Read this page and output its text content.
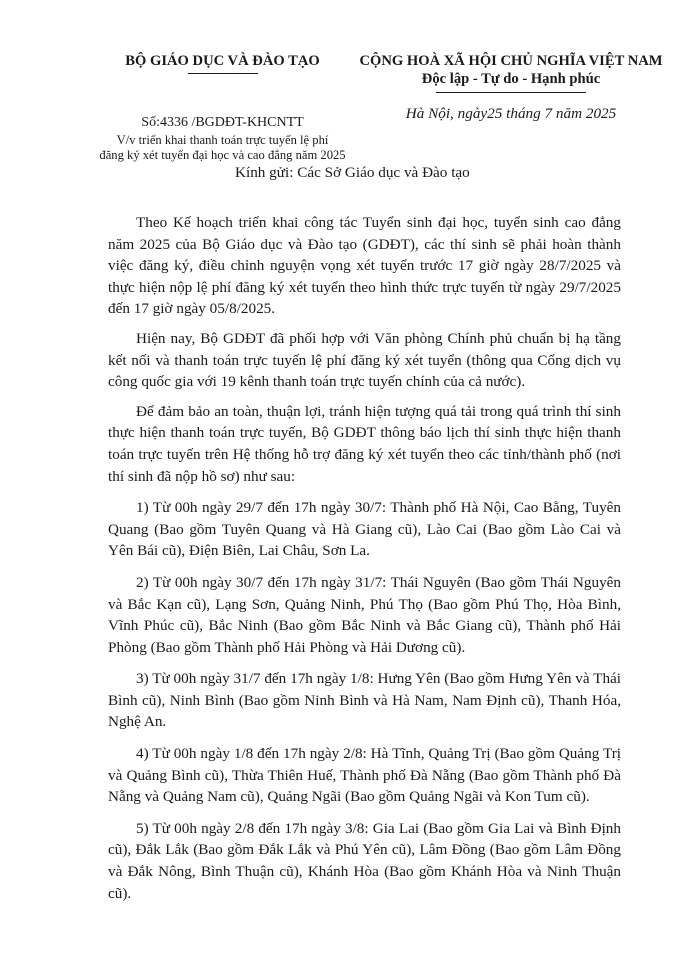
BỘ GIÁO DỤC VÀ ĐÀO TẠO	CỘNG HOÀ XÃ HỘI CHỦ NGHĨA VIỆT NAM
Độc lập - Tự do - Hạnh phúc
Số:4336 /BGDĐT-KHCNTT
V/v triển khai thanh toán trực tuyến lệ phí
đăng ký xét tuyển đại học và cao đẳng năm 2025
Hà Nội, ngày25 tháng 7 năm 2025
Kính gửi: Các Sở Giáo dục và Đào tạo

Theo Kế hoạch triển khai công tác Tuyển sinh đại học, tuyển sinh cao đẳng năm 2025 của Bộ Giáo dục và Đào tạo (GDĐT), các thí sinh sẽ phải hoàn thành việc đăng ký, điều chỉnh nguyện vọng xét tuyển trước 17 giờ ngày 28/7/2025 và thực hiện nộp lệ phí đăng ký xét tuyển theo hình thức trực tuyến từ ngày 29/7/2025 đến 17 giờ ngày 05/8/2025.

Hiện nay, Bộ GDĐT đã phối hợp với Văn phòng Chính phủ chuẩn bị hạ tầng kết nối và thanh toán trực tuyến lệ phí đăng ký xét tuyển (thông qua Cổng dịch vụ công quốc gia với 19 kênh thanh toán trực tuyến chính của cả nước).

Để đảm bảo an toàn, thuận lợi, tránh hiện tượng quá tải trong quá trình thí sinh thực hiện thanh toán trực tuyến, Bộ GDĐT thông báo lịch thí sinh thực hiện thanh toán trực tuyến trên Hệ thống hỗ trợ đăng ký xét tuyển theo các tỉnh/thành phố (nơi thí sinh đã nộp hồ sơ) như sau:

1) Từ 00h ngày 29/7 đến 17h ngày 30/7: Thành phố Hà Nội, Cao Bằng, Tuyên Quang (Bao gồm Tuyên Quang và Hà Giang cũ), Lào Cai (Bao gồm Lào Cai và Yên Bái cũ), Điện Biên, Lai Châu, Sơn La.

2) Từ 00h ngày 30/7 đến 17h ngày 31/7: Thái Nguyên (Bao gồm Thái Nguyên và Bắc Kạn cũ), Lạng Sơn, Quảng Ninh, Phú Thọ (Bao gồm Phú Thọ, Hòa Bình, Vĩnh Phúc cũ), Bắc Ninh (Bao gồm Bắc Ninh và Bắc Giang cũ), Thành phố Hải Phòng (Bao gồm Thành phố Hải Phòng và Hải Dương cũ).

3) Từ 00h ngày 31/7 đến 17h ngày 1/8: Hưng Yên (Bao gồm Hưng Yên và Thái Bình cũ), Ninh Bình (Bao gồm Ninh Bình và Hà Nam, Nam Định cũ), Thanh Hóa, Nghệ An.

4) Từ 00h ngày 1/8 đến 17h ngày 2/8: Hà Tĩnh, Quảng Trị (Bao gồm Quảng Trị và Quảng Bình cũ), Thừa Thiên Huế, Thành phố Đà Nẵng (Bao gồm Thành phố Đà Nẵng và Quảng Nam cũ), Quảng Ngãi (Bao gồm Quảng Ngãi và Kon Tum cũ).

5) Từ 00h ngày 2/8 đến 17h ngày 3/8: Gia Lai (Bao gồm Gia Lai và Bình Định cũ), Đắk Lắk (Bao gồm Đắk Lắk và Phú Yên cũ), Lâm Đồng (Bao gồm Lâm Đồng và Đắk Nông, Bình Thuận cũ), Khánh Hòa (Bao gồm Khánh Hòa và Ninh Thuận cũ).
